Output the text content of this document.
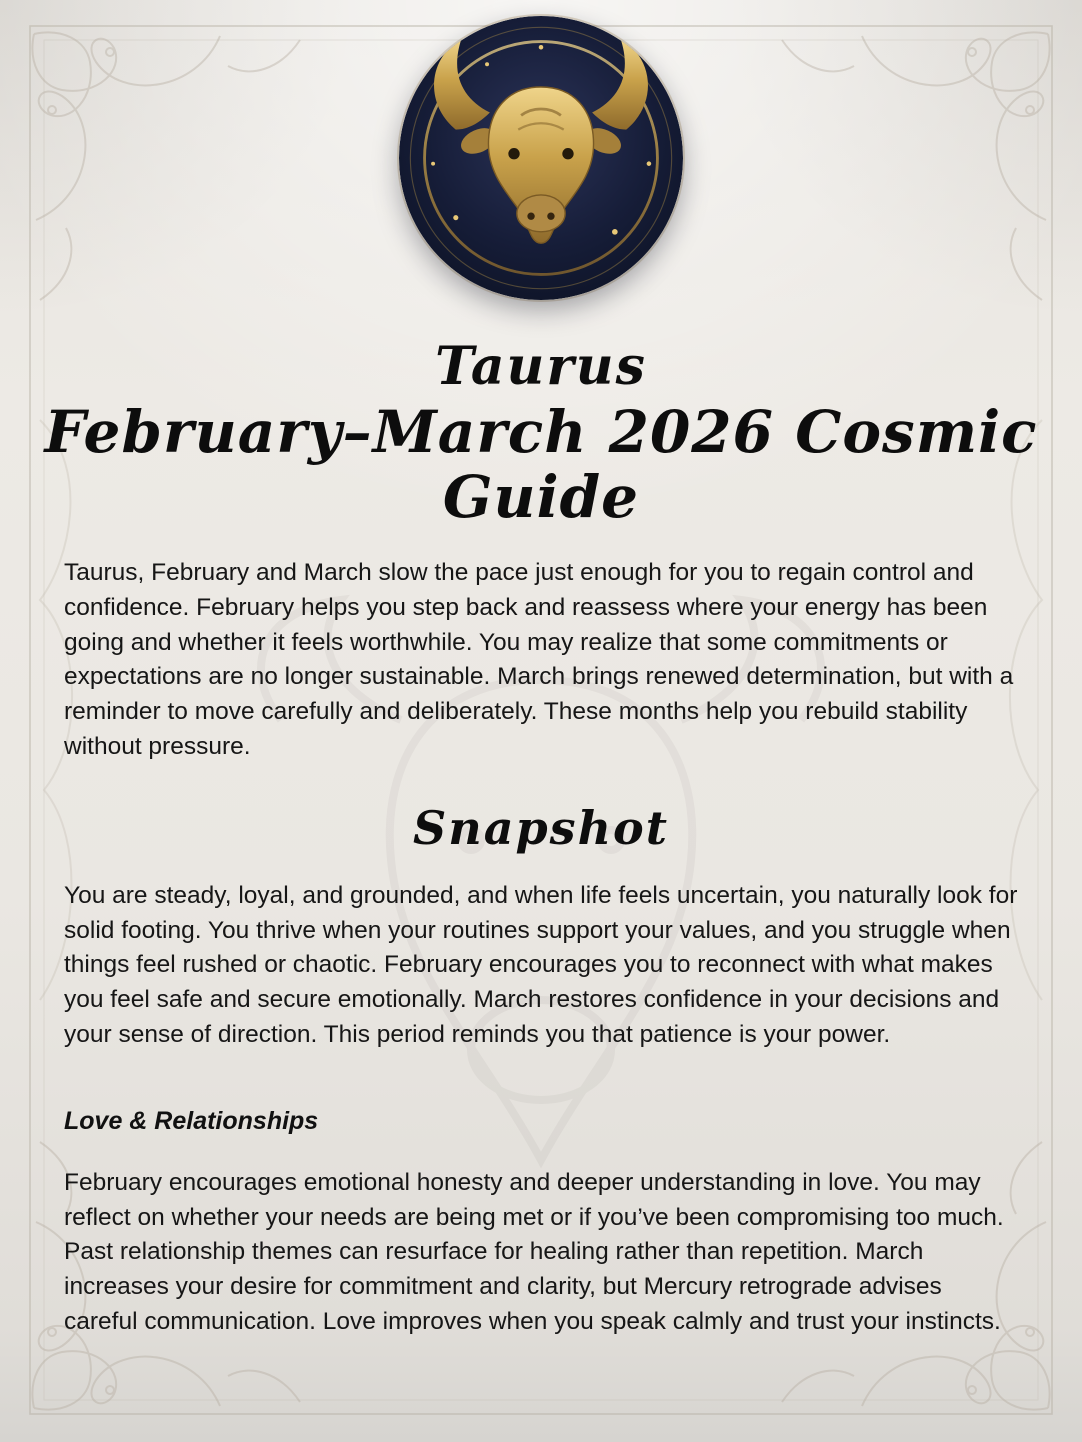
Taurus
February–March 2026 Cosmic Guide

Taurus, February and March slow the pace just enough for you to regain control and confidence. February helps you step back and reassess where your energy has been going and whether it feels worthwhile. You may realize that some commitments or expectations are no longer sustainable. March brings renewed determination, but with a reminder to move carefully and deliberately. These months help you rebuild stability without pressure.

Snapshot

You are steady, loyal, and grounded, and when life feels uncertain, you naturally look for solid footing. You thrive when your routines support your values, and you struggle when things feel rushed or chaotic. February encourages you to reconnect with what makes you feel safe and secure emotionally. March restores confidence in your decisions and your sense of direction. This period reminds you that patience is your power.

Love & Relationships

February encourages emotional honesty and deeper understanding in love. You may reflect on whether your needs are being met or if you’ve been compromising too much. Past relationship themes can resurface for healing rather than repetition. March increases your desire for commitment and clarity, but Mercury retrograde advises careful communication. Love improves when you speak calmly and trust your instincts.
